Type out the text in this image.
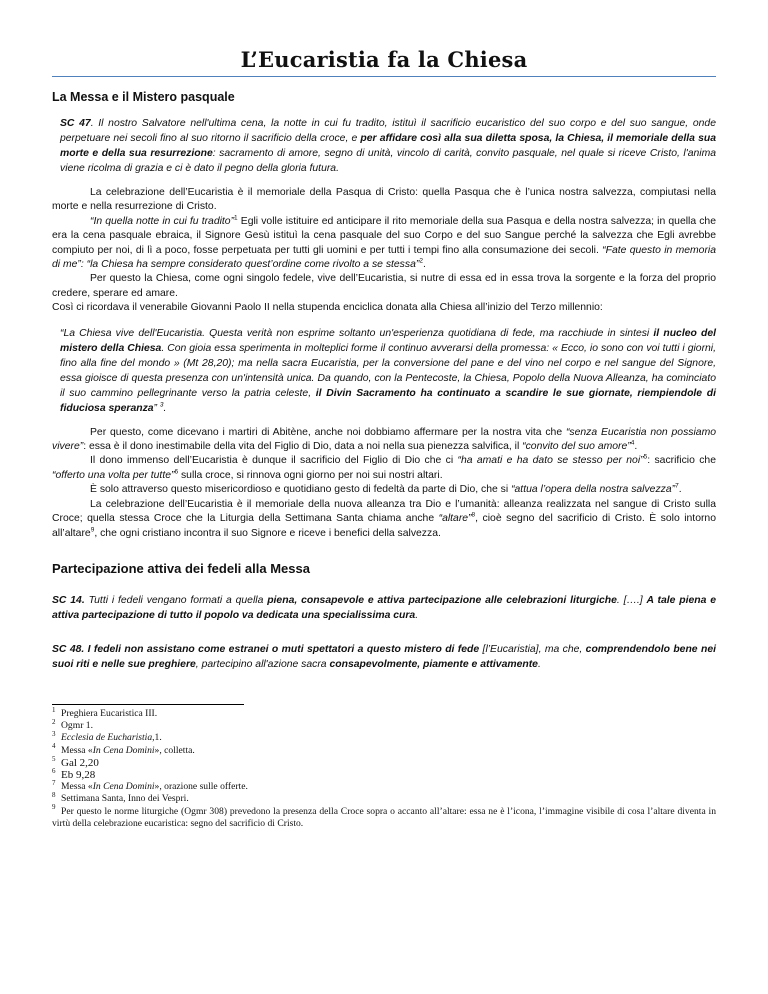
L’Eucaristia fa la Chiesa
La Messa e il Mistero pasquale

SC 47. Il nostro Salvatore nell'ultima cena, la notte in cui fu tradito, istituì il sacrificio eucaristico del suo corpo e del suo sangue, onde perpetuare nei secoli fino al suo ritorno il sacrificio della croce, e per affidare così alla sua diletta sposa, la Chiesa, il memoriale della sua morte e della sua resurrezione: sacramento di amore, segno di unità, vincolo di carità, convito pasquale, nel quale si riceve Cristo, l'anima viene ricolma di grazia e ci è dato il pegno della gloria futura.

La celebrazione dell’Eucaristia è il memoriale della Pasqua di Cristo: quella Pasqua che è l’unica nostra salvezza, compiutasi nella morte e nella resurrezione di Cristo.

“In quella notte in cui fu tradito”$^1$ Egli volle istituire ed anticipare il rito memoriale della sua Pasqua e della nostra salvezza; in quella che era la cena pasquale ebraica, il Signore Gesù istituì la cena pasquale del suo Corpo e del suo Sangue perché la salvezza che Egli avrebbe compiuto per noi, di lì a poco, fosse perpetuata per tutti gli uomini e per tutti i tempi fino alla consumazione dei secoli. “Fate questo in memoria di me”: “la Chiesa ha sempre considerato quest’ordine come rivolto a se stessa”$^2$.

Per questo la Chiesa, come ogni singolo fedele, vive dell’Eucaristia, si nutre di essa ed in essa trova la sorgente e la forza del proprio credere, sperare ed amare.

Così ci ricordava il venerabile Giovanni Paolo II nella stupenda enciclica donata alla Chiesa all’inizio del Terzo millennio:

“La Chiesa vive dell'Eucaristia. Questa verità non esprime soltanto un'esperienza quotidiana di fede, ma racchiude in sintesi il nucleo del mistero della Chiesa. Con gioia essa sperimenta in molteplici forme il continuo avverarsi della promessa: « Ecco, io sono con voi tutti i giorni, fino alla fine del mondo » (Mt 28,20); ma nella sacra Eucaristia, per la conversione del pane e del vino nel corpo e nel sangue del Signore, essa gioisce di questa presenza con un'intensità unica. Da quando, con la Pentecoste, la Chiesa, Popolo della Nuova Alleanza, ha cominciato il suo cammino pellegrinante verso la patria celeste, il Divin Sacramento ha continuato a scandire le sue giornate, riempiendole di fiduciosa speranza” $^3$.

Per questo, come dicevano i martiri di Abitène, anche noi dobbiamo affermare per la nostra vita che “senza Eucaristia non possiamo vivere”: essa è il dono inestimabile della vita del Figlio di Dio, data a noi nella sua pienezza salvifica, il “convito del suo amore”$^4$.

Il dono immenso dell’Eucaristia è dunque il sacrificio del Figlio di Dio che ci “ha amati e ha dato se stesso per noi”$^5$: sacrificio che “offerto una volta per tutte”$^6$ sulla croce, si rinnova ogni giorno per noi sui nostri altari.

È solo attraverso questo misericordioso e quotidiano gesto di fedeltà da parte di Dio, che si “attua l’opera della nostra salvezza”$^7$.

La celebrazione dell’Eucaristia è il memoriale della nuova alleanza tra Dio e l’umanità: alleanza realizzata nel sangue di Cristo sulla Croce; quella stessa Croce che la Liturgia della Settimana Santa chiama anche “altare”$^8$, cioè segno del sacrificio di Cristo. È solo intorno all’altare$^9$, che ogni cristiano incontra il suo Signore e riceve i benefici della salvezza.

Partecipazione attiva dei fedeli alla Messa

SC 14. Tutti i fedeli vengano formati a quella piena, consapevole e attiva partecipazione alle celebrazioni liturgiche. [….] A tale piena e attiva partecipazione di tutto il popolo va dedicata una specialissima cura.

SC 48. I fedeli non assistano come estranei o muti spettatori a questo mistero di fede [l’Eucaristia], ma che, comprendendolo bene nei suoi riti e nelle sue preghiere, partecipino all'azione sacra consapevolmente, piamente e attivamente.

1 Preghiera Eucaristica III.

2 Ogmr 1.

3 Ecclesia de Eucharistia,1.

4 Messa «In Cena Domini», colletta.

5 Gal 2,20

6 Eb 9,28

7 Messa «In Cena Domini», orazione sulle offerte.

8 Settimana Santa, Inno dei Vespri.

9 Per questo le norme liturgiche (Ogmr 308) prevedono la presenza della Croce sopra o accanto all’altare: essa ne è l’icona, l’immagine visibile di cosa l’altare diventa in virtù della celebrazione eucaristica: segno del sacrificio di Cristo.
